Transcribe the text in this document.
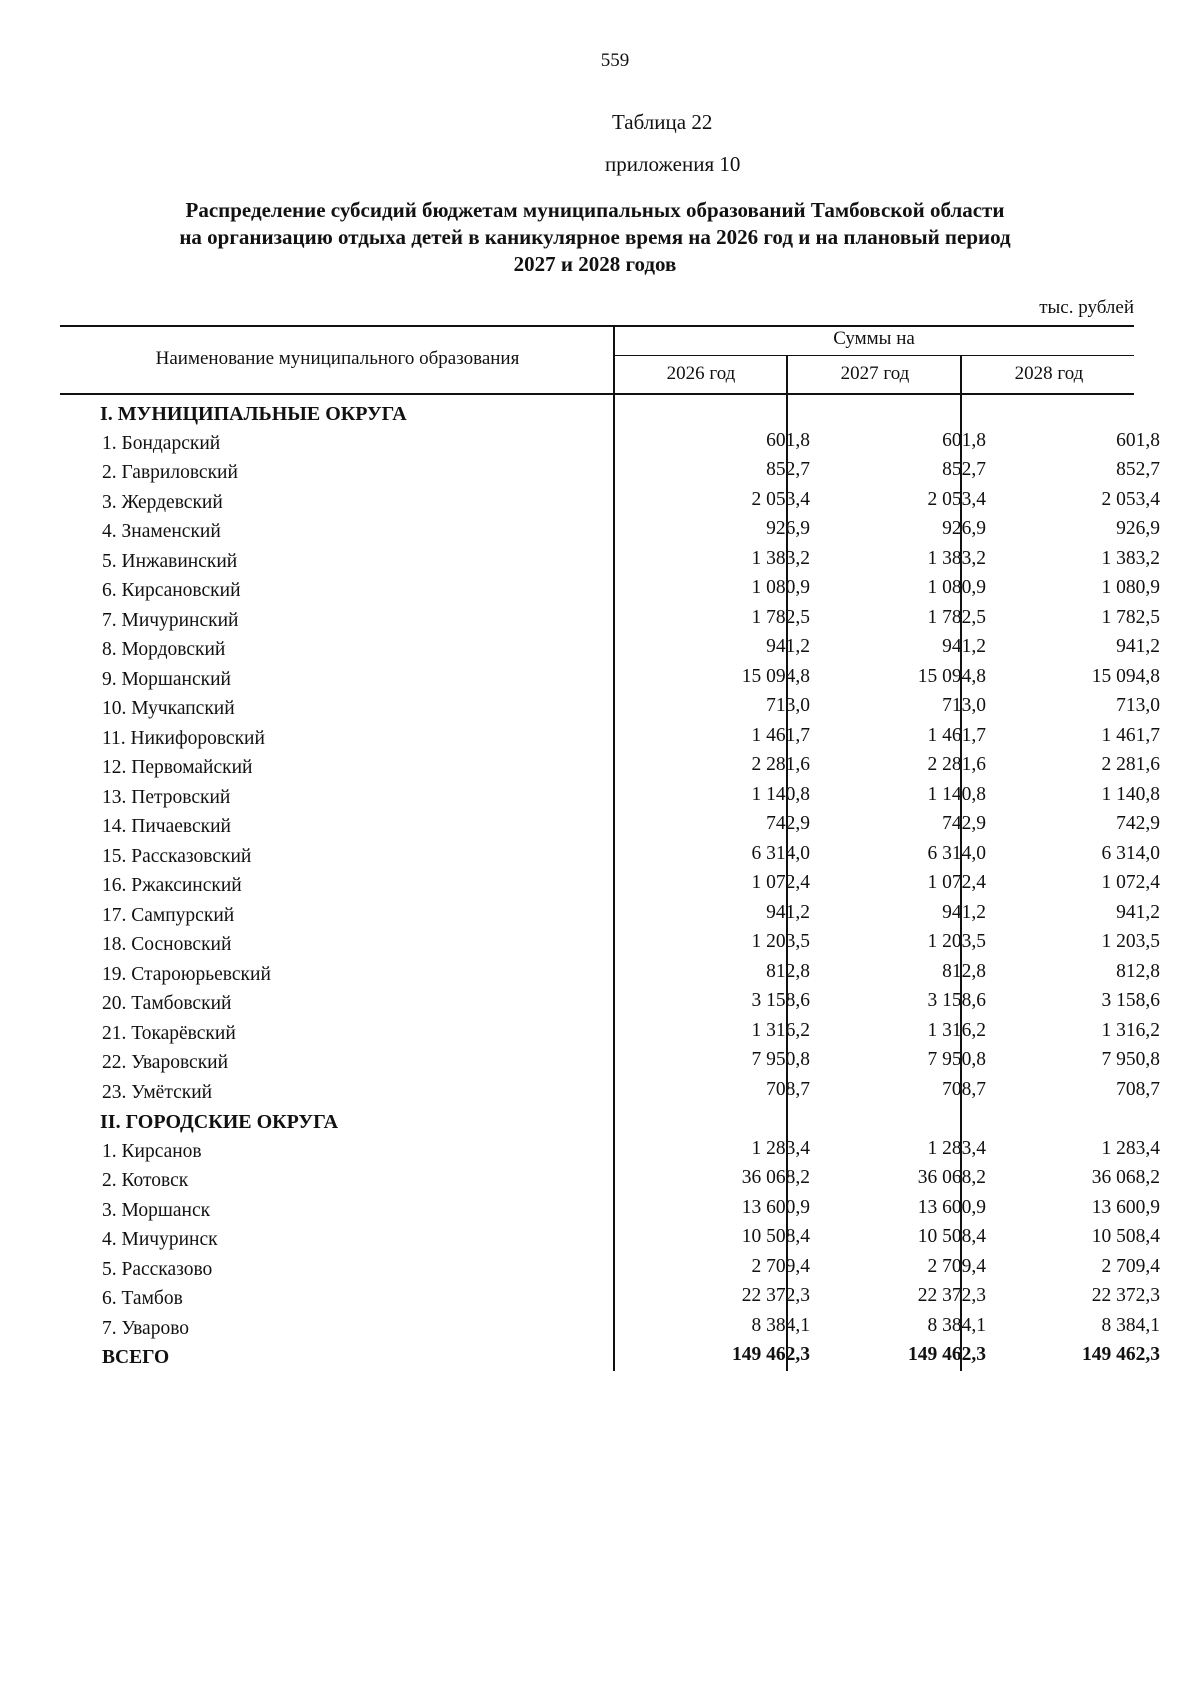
559
Таблица 22
приложения 10
Распределение субсидий бюджетам муниципальных образований Тамбовской области
на организацию отдыха детей в каникулярное время на 2026 год и на плановый период
2027 и 2028 годов
тыс. рублей
Наименование муниципального образования
Суммы на
2026 год	2027 год	2028 год
I. МУНИЦИПАЛЬНЫЕ ОКРУГА
1. Бондарский	601,8	601,8	601,8
2. Гавриловский	852,7	852,7	852,7
3. Жердевский	2 053,4	2 053,4	2 053,4
4. Знаменский	926,9	926,9	926,9
5. Инжавинский	1 383,2	1 383,2	1 383,2
6. Кирсановский	1 080,9	1 080,9	1 080,9
7. Мичуринский	1 782,5	1 782,5	1 782,5
8. Мордовский	941,2	941,2	941,2
9. Моршанский	15 094,8	15 094,8	15 094,8
10. Мучкапский	713,0	713,0	713,0
11. Никифоровский	1 461,7	1 461,7	1 461,7
12. Первомайский	2 281,6	2 281,6	2 281,6
13. Петровский	1 140,8	1 140,8	1 140,8
14. Пичаевский	742,9	742,9	742,9
15. Рассказовский	6 314,0	6 314,0	6 314,0
16. Ржаксинский	1 072,4	1 072,4	1 072,4
17. Сампурский	941,2	941,2	941,2
18. Сосновский	1 203,5	1 203,5	1 203,5
19. Староюрьевский	812,8	812,8	812,8
20. Тамбовский	3 158,6	3 158,6	3 158,6
21. Токарёвский	1 316,2	1 316,2	1 316,2
22. Уваровский	7 950,8	7 950,8	7 950,8
23. Умётский	708,7	708,7	708,7
II. ГОРОДСКИЕ ОКРУГА
1. Кирсанов	1 283,4	1 283,4	1 283,4
2. Котовск	36 068,2	36 068,2	36 068,2
3. Моршанск	13 600,9	13 600,9	13 600,9
4. Мичуринск	10 508,4	10 508,4	10 508,4
5. Рассказово	2 709,4	2 709,4	2 709,4
6. Тамбов	22 372,3	22 372,3	22 372,3
7. Уварово	8 384,1	8 384,1	8 384,1
ВСЕГО	149 462,3	149 462,3	149 462,3
